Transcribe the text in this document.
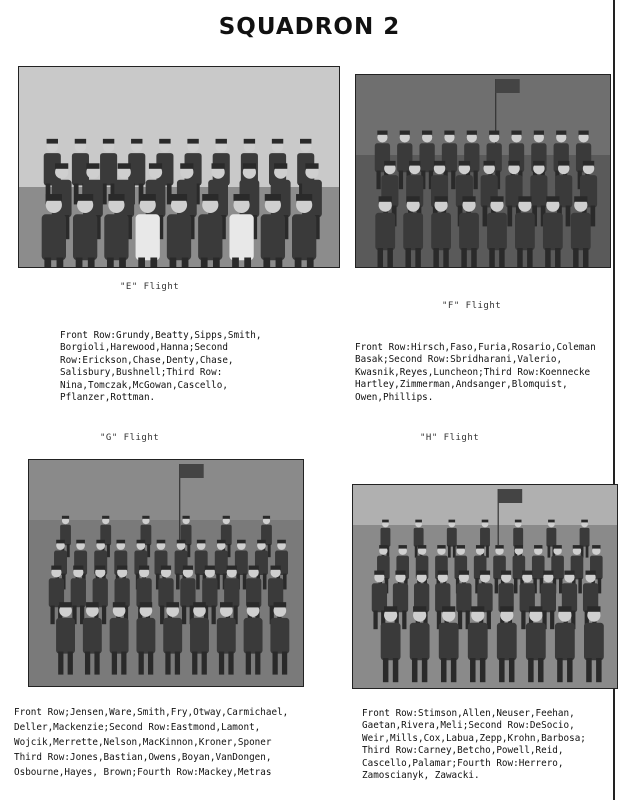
SQUADRON 2
"E" Flight

Front Row:Grundy,Beatty,Sipps,Smith,
Borgioli,Harewood,Hanna;Second
Row:Erickson,Chase,Denty,Chase,
Salisbury,Bushnell;Third Row:
Nina,Tomczak,McGowan,Cascello,
Pflanzer,Rottman.
"F" Flight

Front Row:Hirsch,Faso,Furia,Rosario,Coleman
Basak;Second Row:Sbridharani,Valerio,
Kwasnik,Reyes,Luncheon;Third Row:Koennecke
Hartley,Zimmerman,Andsanger,Blomquist,
Owen,Phillips.
"G" Flight

Front Row;Jensen,Ware,Smith,Fry,Otway,Carmichael,
Deller,Mackenzie;Second Row:Eastmond,Lamont,
Wojcik,Merrette,Nelson,MacKinnon,Kroner,Sponer
Third Row:Jones,Bastian,Owens,Boyan,VanDongen,
Osbourne,Hayes, Brown;Fourth Row:Mackey,Metras
"H" Flight

Front Row:Stimson,Allen,Neuser,Feehan,
Gaetan,Rivera,Meli;Second Row:DeSocio,
Weir,Mills,Cox,Labua,Zepp,Krohn,Barbosa;
Third Row:Carney,Betcho,Powell,Reid,
Cascello,Palamar;Fourth Row:Herrero,
Zamoscianyk, Zawacki.
